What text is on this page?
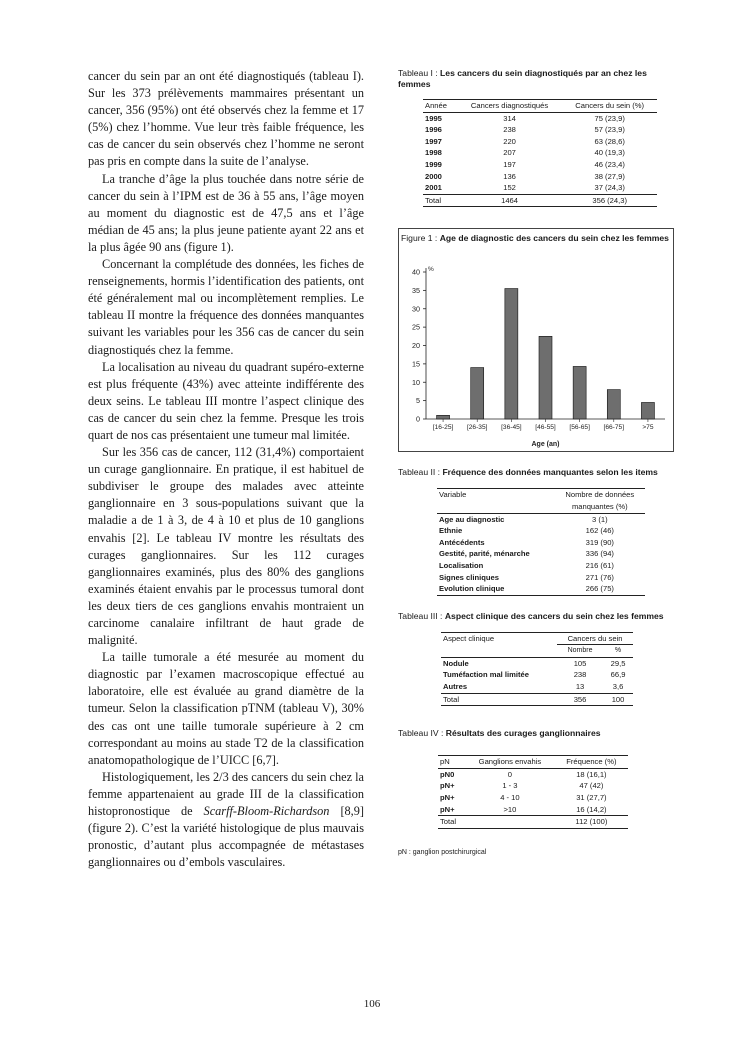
cancer du sein par an ont été diagnostiqués (tableau I). Sur les 373 prélèvements mammaires présentant un cancer, 356 (95%) ont été observés chez la femme et 17 (5%) chez l’homme. Vue leur très faible fréquence, les cas de cancer du sein observés chez l’homme ne seront pas pris en compte dans la suite de l’analyse.

La tranche d’âge la plus touchée dans notre série de cancer du sein à l’IPM est de 36 à 55 ans, l’âge moyen au moment du diagnostic est de 47,5 ans et l’âge médian de 45 ans; la plus jeune patiente ayant 22 ans et la plus âgée 90 ans (figure 1).

Concernant la complétude des données, les fiches de renseignements, hormis l’identification des patients, ont été généralement mal ou incomplètement remplies. Le tableau II montre la fréquence des données manquantes suivant les variables pour les 356 cas de cancer du sein diagnostiqués chez la femme.

La localisation au niveau du quadrant supéro-externe est plus fréquente (43%) avec atteinte indifférente des deux seins. Le tableau III montre l’aspect clinique des cas de cancer du sein chez la femme. Presque les trois quart de nos cas présentaient une tumeur mal limitée.

Sur les 356 cas de cancer, 112 (31,4%) comportaient un curage ganglionnaire. En pratique, il est habituel de subdiviser le groupe des malades avec atteinte ganglionnaire en 3 sous-populations suivant que la maladie a de 1 à 3, de 4 à 10 et plus de 10 ganglions envahis [2]. Le tableau IV montre les résultats des curages ganglionnaires. Sur les 112 curages ganglionnaires examinés, plus des 80% des ganglions examinés étaient envahis par le processus tumoral dont les deux tiers de ces ganglions envahis montraient un carcinome canalaire infiltrant de haut grade de malignité.

La taille tumorale a été mesurée au moment du diagnostic par l’examen macroscopique effectué au laboratoire, elle est évaluée au grand diamètre de la tumeur. Selon la classification pTNM (tableau V), 30% des cas ont une taille tumorale supérieure à 2 cm correspondant au moins au stade T2 de la classification anatomopathologique de l’UICC [6,7].

Histologiquement, les 2/3 des cancers du sein chez la femme appartenaient au grade III de la classification histopronostique de Scarff-Bloom-Richardson [8,9] (figure 2). C’est la variété histologique de plus mauvais pronostic, d’autant plus accompagnée de métastases ganglionnaires ou d’embols vasculaires.

Tableau I : Les cancers du sein diagnostiqués par an chez les femmes

Année	Cancers diagnostiqués	Cancers du sein (%)
1995	314	75 (23,9)
1996	238	57 (23,9)
1997	220	63 (28,6)
1998	207	40 (19,3)
1999	197	46 (23,4)
2000	136	38 (27,9)
2001	152	37 (24,3)
Total	1464	356 (24,3)

Figure 1 : Age de diagnostic des cancers du sein chez les femmes

0
5
10
15
20
25
30
35
40 %
[16-25] [26-35] [36-45] [46-55] [56-65] [66-75]	>75
Age (an)

Tableau II : Fréquence des données manquantes selon les items

Variable	Nombre de données
manquantes (%)
Age au diagnostic	3 (1)
Ethnie	162 (46)
Antécédents	319 (90)
Gestité, parité, ménarche	336 (94)
Localisation	216 (61)
Signes cliniques	271 (76)
Evolution clinique	266 (75)

Tableau III : Aspect clinique des cancers du sein chez les femmes

Aspect clinique	Cancers du sein	
	Nombre	%
Nodule	105	29,5
Tuméfaction mal limitée	238	66,9
Autres	13	3,6
Total	356	100

Tableau IV : Résultats des curages ganglionnaires

pN	Ganglions envahis	Fréquence (%)
pN0	0	18 (16,1)
pN+	1 - 3	47 (42)
pN+	4 - 10	31 (27,7)
pN+	>10	16 (14,2)
Total		112 (100)

pN : ganglion postchirurgical

106
